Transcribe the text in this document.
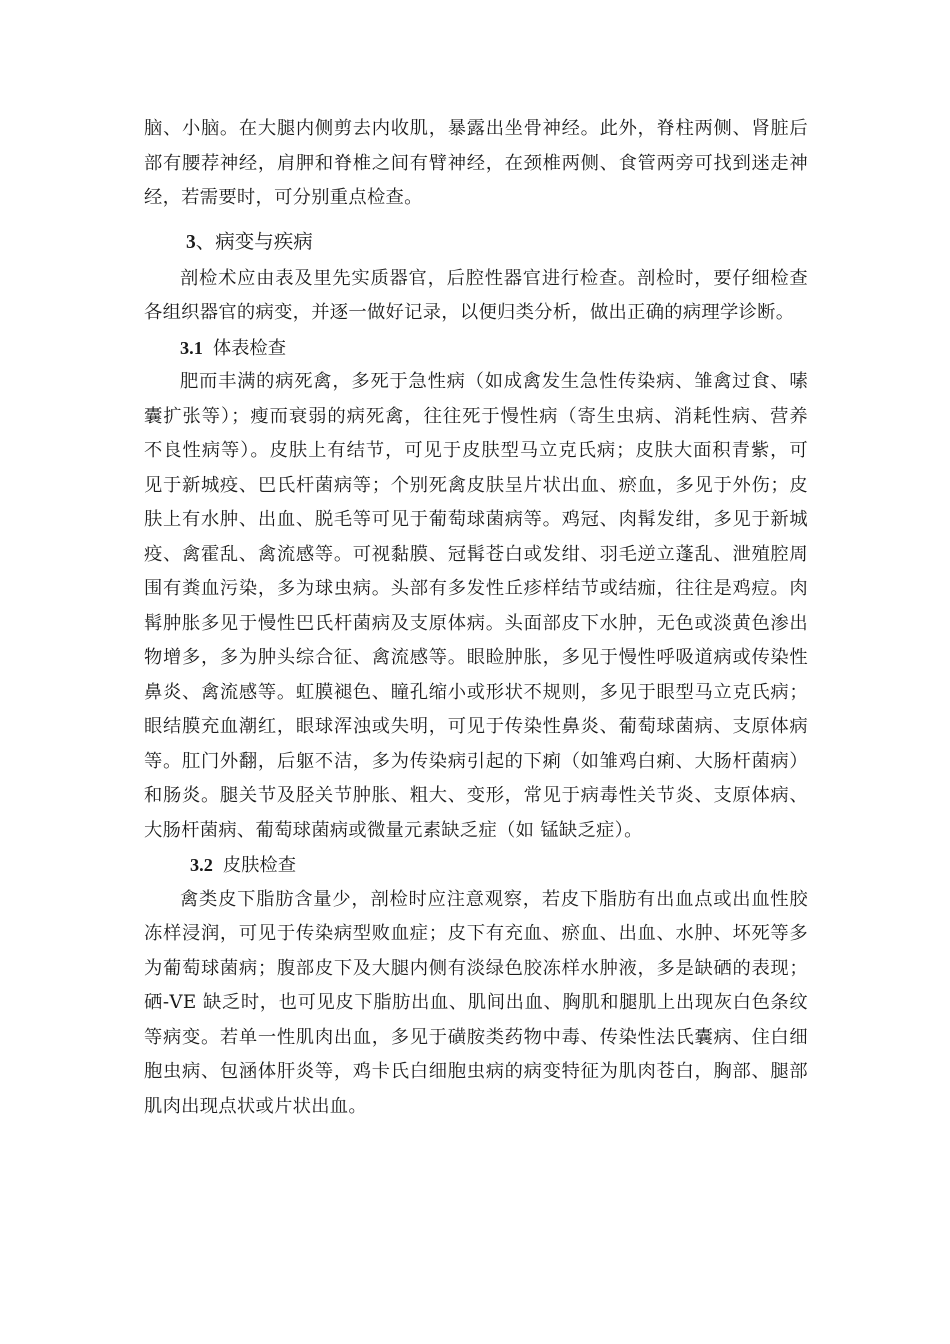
脑、小脑。在大腿内侧剪去内收肌，暴露出坐骨神经。此外，脊柱两侧、肾脏后
部有腰荐神经，肩胛和脊椎之间有臂神经，在颈椎两侧、食管两旁可找到迷走神
经，若需要时，可分别重点检查。
3、病变与疾病
剖检术应由表及里先实质器官，后腔性器官进行检查。剖检时，要仔细检查
各组织器官的病变，并逐一做好记录，以便归类分析，做出正确的病理学诊断。
3.1 体表检查
肥而丰满的病死禽，多死于急性病（如成禽发生急性传染病、雏禽过食、嗉
囊扩张等）；瘦而衰弱的病死禽，往往死于慢性病（寄生虫病、消耗性病、营养
不良性病等）。皮肤上有结节，可见于皮肤型马立克氏病；皮肤大面积青紫，可
见于新城疫、巴氏杆菌病等；个别死禽皮肤呈片状出血、瘀血，多见于外伤；皮
肤上有水肿、出血、脱毛等可见于葡萄球菌病等。鸡冠、肉髯发绀，多见于新城
疫、禽霍乱、禽流感等。可视黏膜、冠髯苍白或发绀、羽毛逆立蓬乱、泄殖腔周
围有粪血污染，多为球虫病。头部有多发性丘疹样结节或结痂，往往是鸡痘。肉
髯肿胀多见于慢性巴氏杆菌病及支原体病。头面部皮下水肿，无色或淡黄色渗出
物增多，多为肿头综合征、禽流感等。眼睑肿胀，多见于慢性呼吸道病或传染性
鼻炎、禽流感等。虹膜褪色、瞳孔缩小或形状不规则，多见于眼型马立克氏病；
眼结膜充血潮红，眼球浑浊或失明，可见于传染性鼻炎、葡萄球菌病、支原体病
等。肛门外翻，后躯不洁，多为传染病引起的下痢（如雏鸡白痢、大肠杆菌病）
和肠炎。腿关节及胫关节肿胀、粗大、变形，常见于病毒性关节炎、支原体病、
大肠杆菌病、葡萄球菌病或微量元素缺乏症（如 锰缺乏症）。
3.2 皮肤检查
禽类皮下脂肪含量少，剖检时应注意观察，若皮下脂肪有出血点或出血性胶
冻样浸润，可见于传染病型败血症；皮下有充血、瘀血、出血、水肿、坏死等多
为葡萄球菌病；腹部皮下及大腿内侧有淡绿色胶冻样水肿液，多是缺硒的表现；
硒-VE 缺乏时，也可见皮下脂肪出血、肌间出血、胸肌和腿肌上出现灰白色条纹
等病变。若单一性肌肉出血，多见于磺胺类药物中毒、传染性法氏囊病、住白细
胞虫病、包涵体肝炎等，鸡卡氏白细胞虫病的病变特征为肌肉苍白，胸部、腿部
肌肉出现点状或片状出血。
